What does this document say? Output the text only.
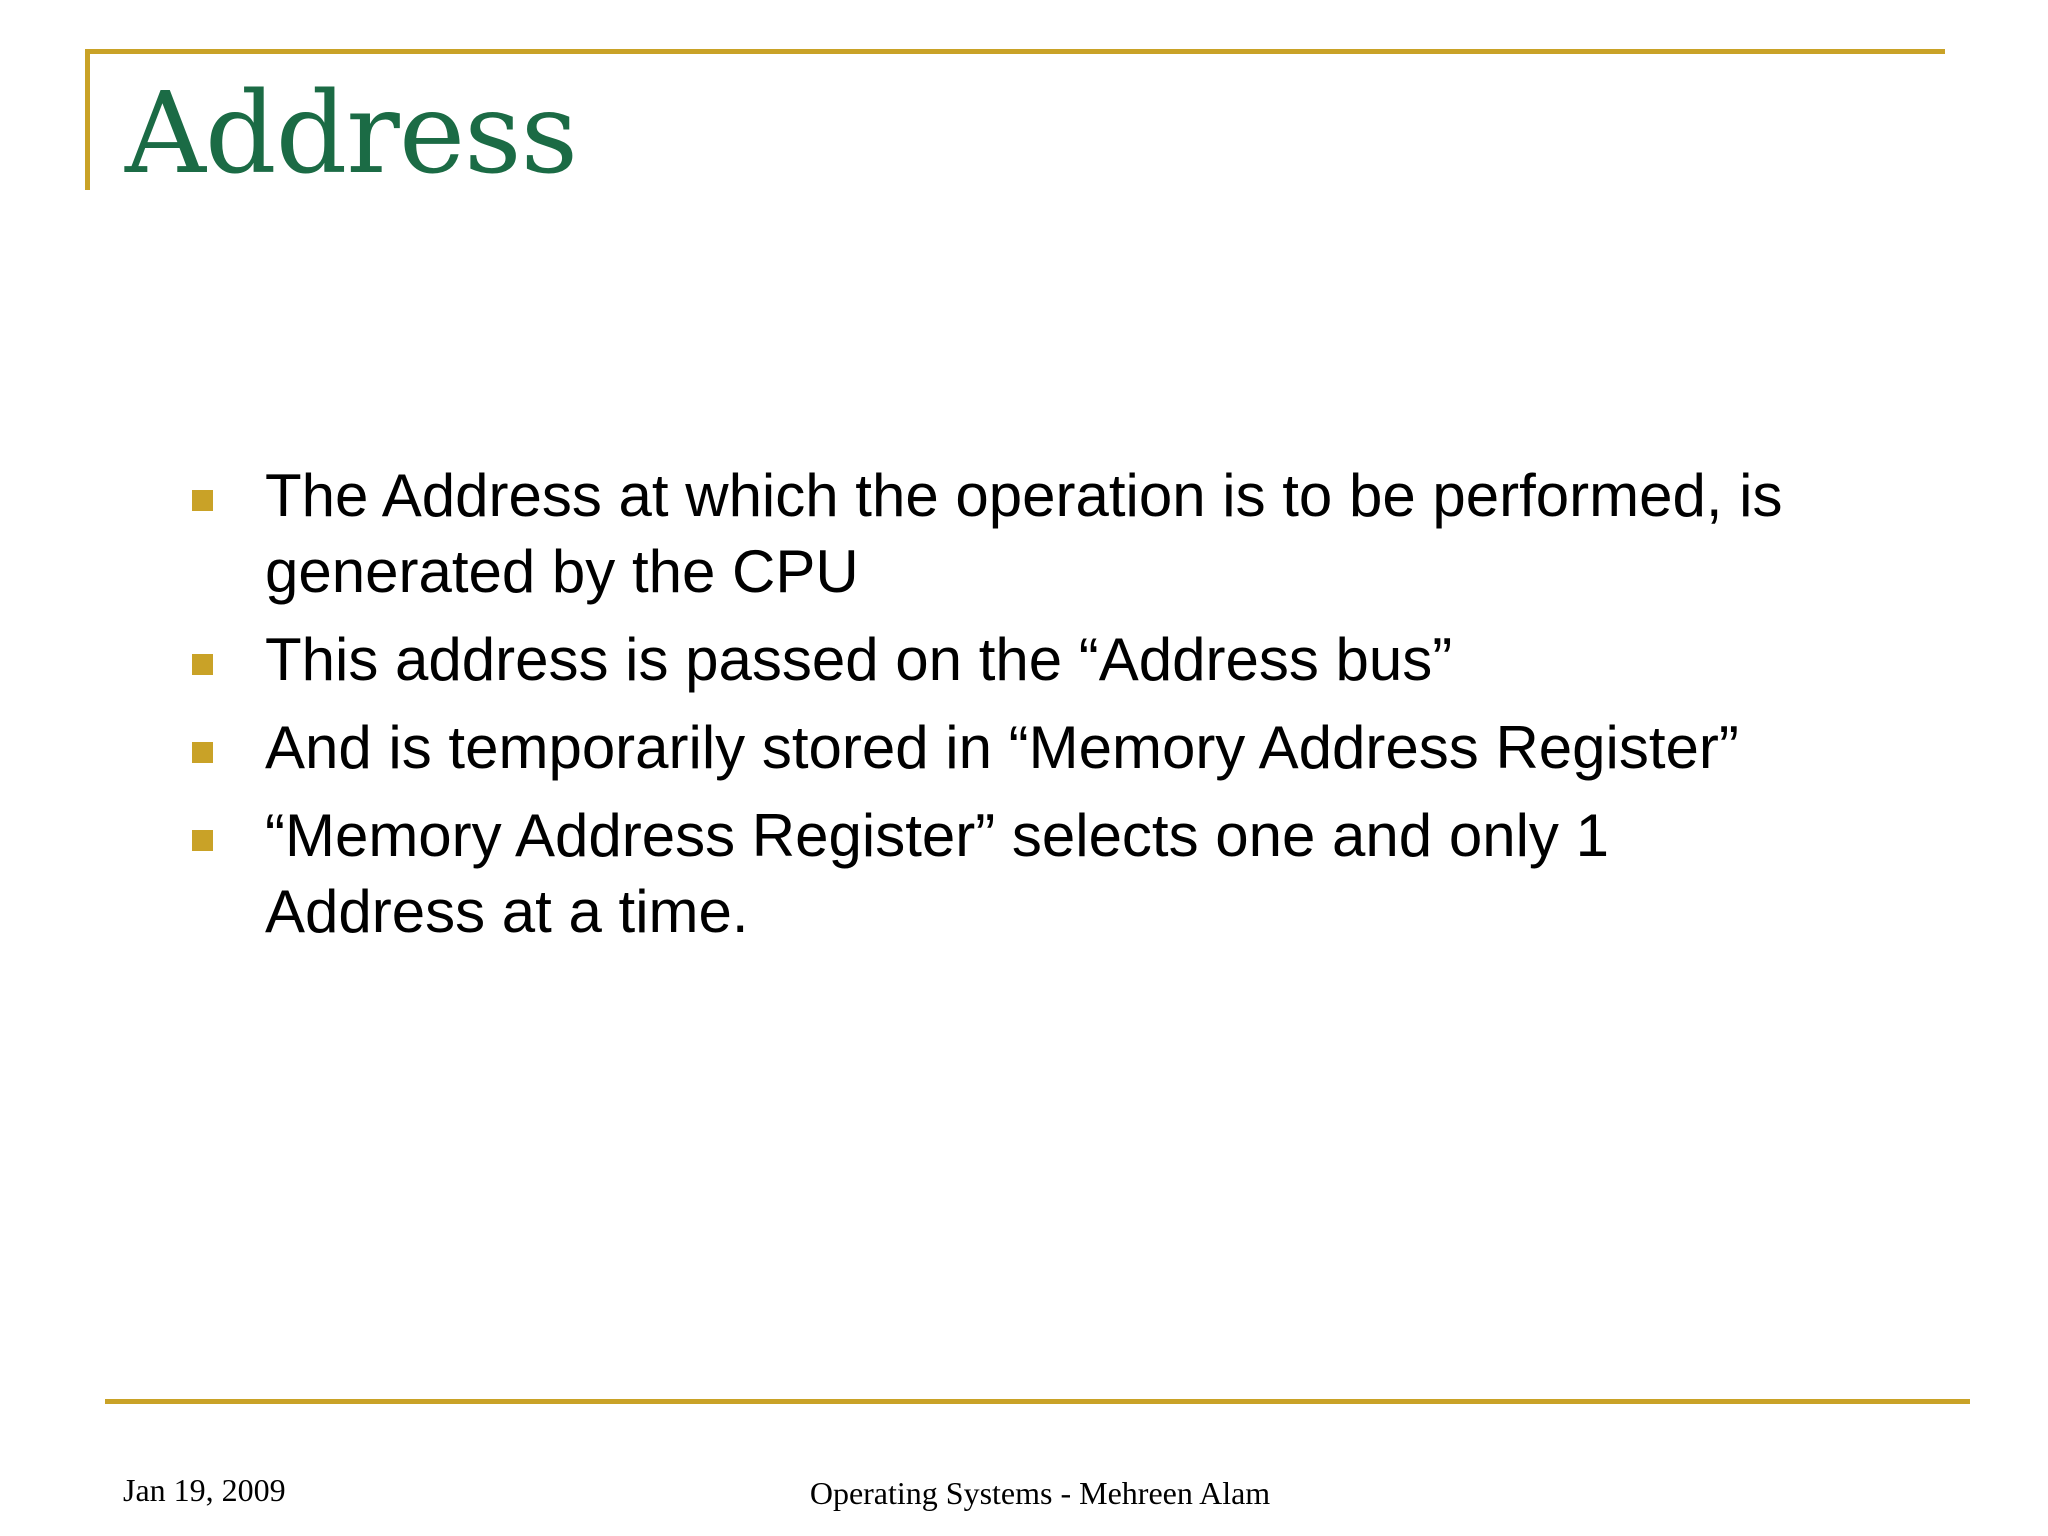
Address
The Address at which the operation is to be performed, is generated by the CPU
This address is passed on the “Address bus”
And is temporarily stored in “Memory Address Register”
“Memory Address Register” selects one and only 1 Address at a time.
Jan 19, 2009	Operating Systems - Mehreen Alam
